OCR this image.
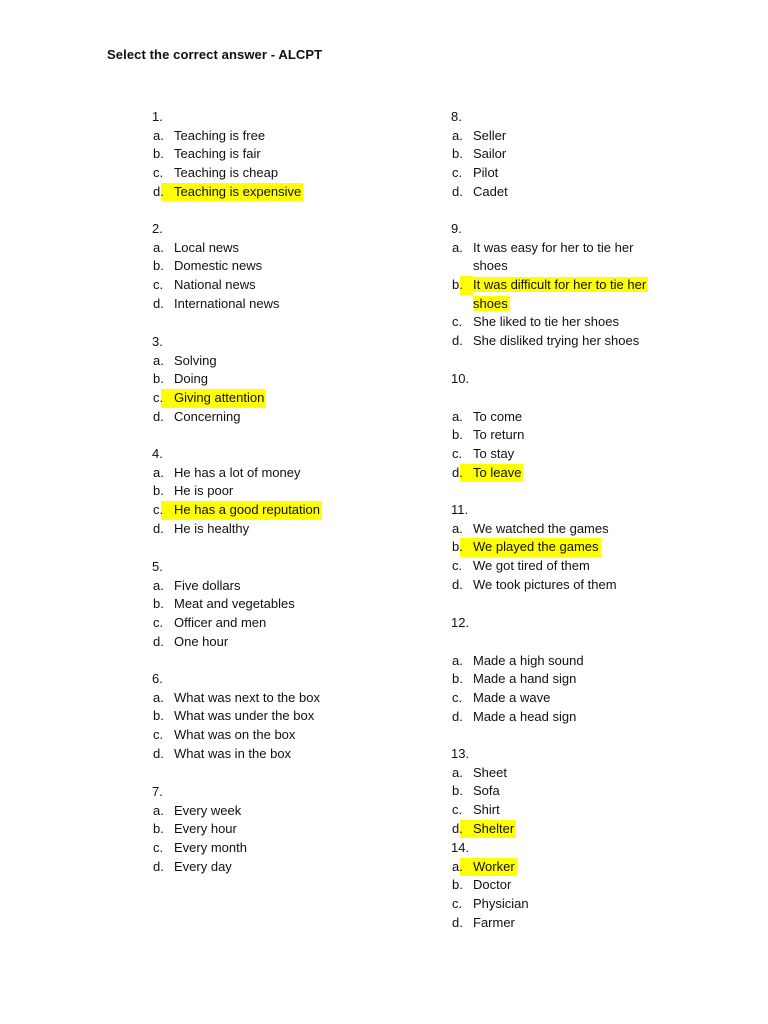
Select the correct answer - ALCPT
1.
a. Teaching is free
b. Teaching is fair
c. Teaching is cheap
d. Teaching is expensive
2.
a. Local news
b. Domestic news
c. National news
d. International news
3.
a. Solving
b. Doing
c. Giving attention
d. Concerning
4.
a. He has a lot of money
b. He is poor
c. He has a good reputation
d. He is healthy
5.
a. Five dollars
b. Meat and vegetables
c. Officer and men
d. One hour
6.
a. What was next to the box
b. What was under the box
c. What was on the box
d. What was in the box
7.
a. Every week
b. Every hour
c. Every month
d. Every day
8.
a. Seller
b. Sailor
c. Pilot
d. Cadet
9.
a. It was easy for her to tie her shoes
b. It was difficult for her to tie her shoes
c. She liked to tie her shoes
d. She disliked trying her shoes
10.
a. To come
b. To return
c. To stay
d. To leave
11.
a. We watched the games
b. We played the games
c. We got tired of them
d. We took pictures of them
12.
a. Made a high sound
b. Made a hand sign
c. Made a wave
d. Made a head sign
13.
a. Sheet
b. Sofa
c. Shirt
d. Shelter
14.
a. Worker
b. Doctor
c. Physician
d. Farmer
